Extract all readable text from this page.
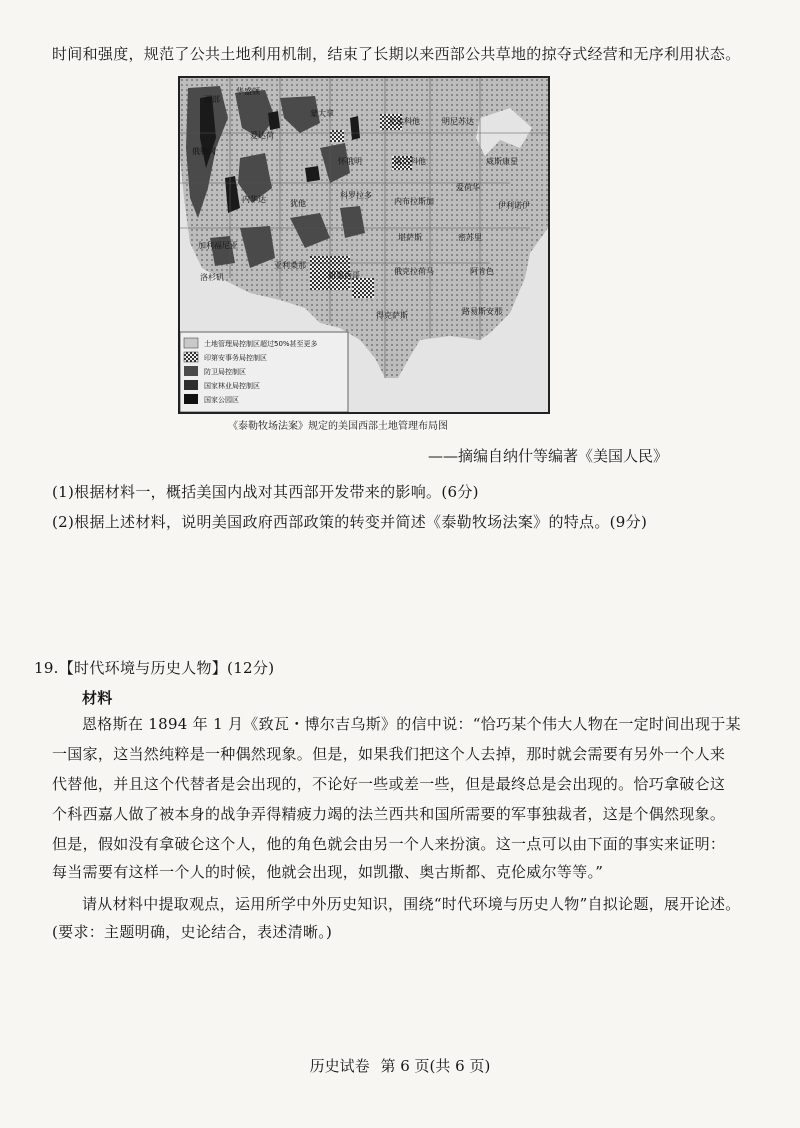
时间和强度，规范了公共土地利用机制，结束了长期以来西部公共草地的掠夺式经营和无序利用状态。
西部
北达科他	明尼苏达
南达科他	威斯康星
内布拉斯加
爱荷华
伊利诺伊
堪萨斯	密苏里
俄克拉荷马	阿肯色
得克萨斯	路易斯安那
加利福尼亚
内华达	犹他
科罗拉多
怀俄明
爱达荷
蒙大拿
俄勒冈
华盛顿
亚利桑那
新墨西哥
洛杉矶
土地管理局控制区超过50%甚至更多
印第安事务局控制区
防卫局控制区
国家林业局控制区
国家公园区
《泰勒牧场法案》规定的美国西部土地管理布局图
——摘编自纳什等编著《美国人民》
(1)根据材料一，概括美国内战对其西部开发带来的影响。(6分)
(2)根据上述材料，说明美国政府西部政策的转变并简述《泰勒牧场法案》的特点。(9分)
19.【时代环境与历史人物】(12分)
材料
恩格斯在 1894 年 1 月《致瓦・博尔吉乌斯》的信中说：“恰巧某个伟大人物在一定时间出现于某
一国家，这当然纯粹是一种偶然现象。但是，如果我们把这个人去掉，那时就会需要有另外一个人来
代替他，并且这个代替者是会出现的，不论好一些或差一些，但是最终总是会出现的。恰巧拿破仑这
个科西嘉人做了被本身的战争弄得精疲力竭的法兰西共和国所需要的军事独裁者，这是个偶然现象。
但是，假如没有拿破仑这个人，他的角色就会由另一个人来扮演。这一点可以由下面的事实来证明：
每当需要有这样一个人的时候，他就会出现，如凯撒、奥古斯都、克伦威尔等等。”
请从材料中提取观点，运用所学中外历史知识，围绕“时代环境与历史人物”自拟论题，展开论述。
(要求：主题明确，史论结合，表述清晰。)
历史试卷 第 6 页(共 6 页)
